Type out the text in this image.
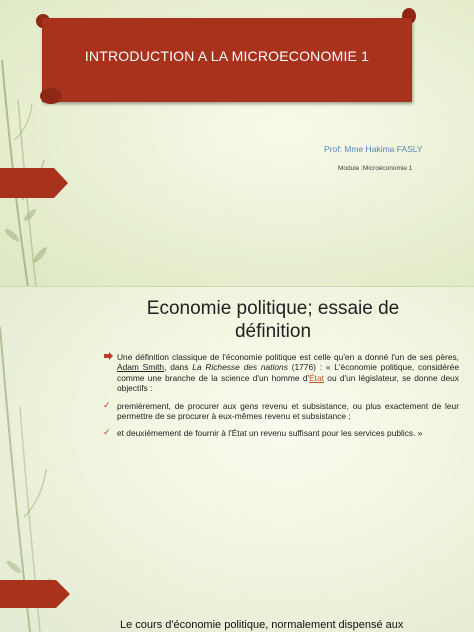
INTRODUCTION A LA MICROECONOMIE 1
Prof: Mme Hakima FASLY
Module :Microéconomie 1
Economie politique; essaie de définition
Une définition classique de l'économie politique est celle qu'en a donné l'un de ses pères, Adam Smith, dans La Richesse des nations (1776) : « L'économie politique, considérée comme une branche de la science d'un homme d'État ou d'un législateur, se donne deux objectifs :
✓ premièrement, de procurer aux gens revenu et subsistance, ou plus exactement de leur permettre de se procurer à eux-mêmes revenu et subsistance ;
✓ et deuxièmement de fournir à l'État un revenu suffisant pour les services publics. »
Le cours d'économie politique, normalement dispensé aux
